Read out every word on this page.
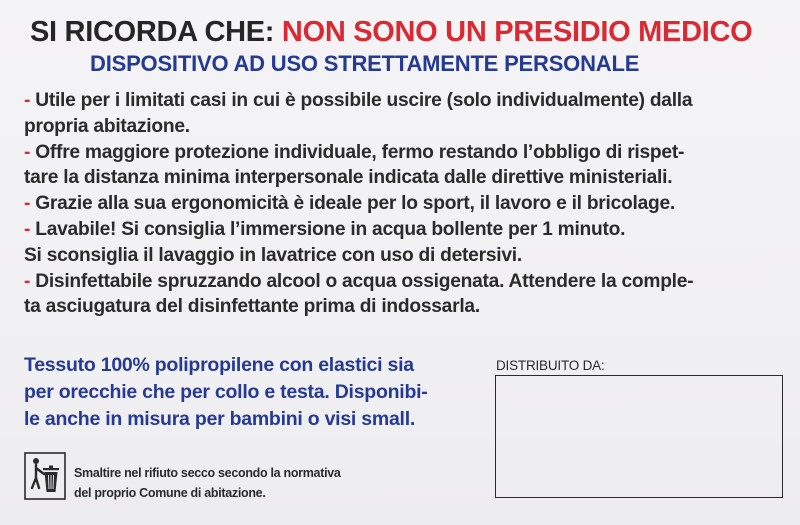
SI RICORDA CHE: NON SONO UN PRESIDIO MEDICO
DISPOSITIVO AD USO STRETTAMENTE PERSONALE
- Utile per i limitati casi in cui è possibile uscire (solo individualmente) dalla
propria abitazione.
- Offre maggiore protezione individuale, fermo restando l’obbligo di rispet-
tare la distanza minima interpersonale indicata dalle direttive ministeriali.
- Grazie alla sua ergonomicità è ideale per lo sport, il lavoro e il bricolage.
- Lavabile! Si consiglia l’immersione in acqua bollente per 1 minuto.
Si sconsiglia il lavaggio in lavatrice con uso di detersivi.
- Disinfettabile spruzzando alcool o acqua ossigenata. Attendere la comple-
ta asciugatura del disinfettante prima di indossarla.

Tessuto 100% polipropilene con elastici sia
per orecchie che per collo e testa. Disponibi-
le anche in misura per bambini o visi small.

Smaltire nel rifiuto secco secondo la normativa
del proprio Comune di abitazione.

DISTRIBUITO DA:
